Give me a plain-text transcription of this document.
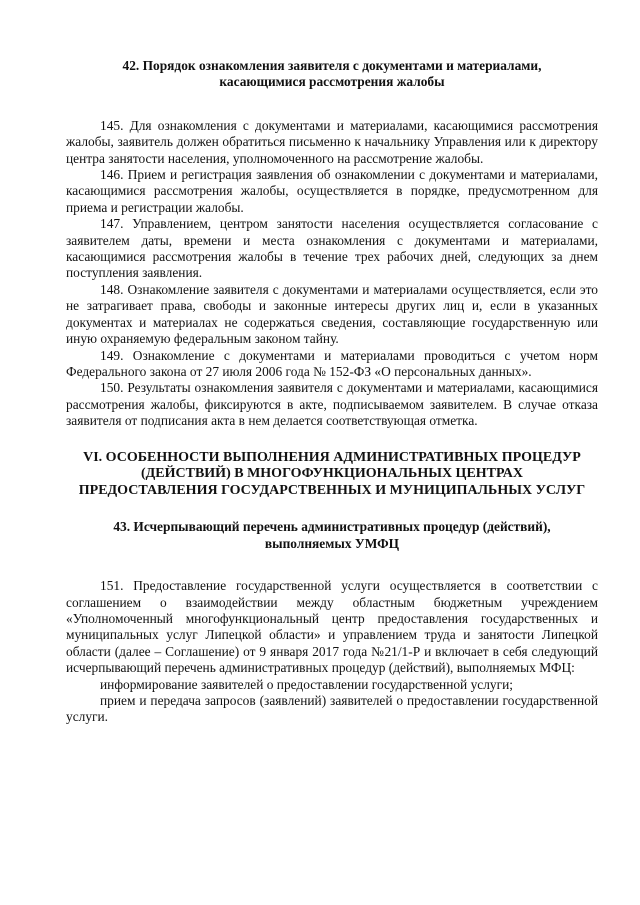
42. Порядок ознакомления заявителя с документами и материалами, касающимися рассмотрения жалобы

145. Для ознакомления с документами и материалами, касающимися рассмотрения жалобы, заявитель должен обратиться письменно к начальнику Управления или к директору центра занятости населения, уполномоченного на рассмотрение жалобы.

146. Прием и регистрация заявления об ознакомлении с документами и материалами, касающимися рассмотрения жалобы, осуществляется в порядке, предусмотренном для приема и регистрации жалобы.

147. Управлением, центром занятости населения осуществляется согласование с заявителем даты, времени и места ознакомления с документами и материалами, касающимися рассмотрения жалобы в течение трех рабочих дней, следующих за днем поступления заявления.

148. Ознакомление заявителя с документами и материалами осуществляется, если это не затрагивает права, свободы и законные интересы других лиц и, если в указанных документах и материалах не содержаться сведения, составляющие государственную или иную охраняемую федеральным законом тайну.

149. Ознакомление с документами и материалами проводиться с учетом норм Федерального закона от 27 июля 2006 года № 152-ФЗ «О персональных данных».

150. Результаты ознакомления заявителя с документами и материалами, касающимися рассмотрения жалобы, фиксируются в акте, подписываемом заявителем. В случае отказа заявителя от подписания акта в нем делается соответствующая отметка.

VI. ОСОБЕННОСТИ ВЫПОЛНЕНИЯ АДМИНИСТРАТИВНЫХ ПРОЦЕДУР (ДЕЙСТВИЙ) В МНОГОФУНКЦИОНАЛЬНЫХ ЦЕНТРАХ ПРЕДОСТАВЛЕНИЯ ГОСУДАРСТВЕННЫХ И МУНИЦИПАЛЬНЫХ УСЛУГ

43. Исчерпывающий перечень административных процедур (действий), выполняемых УМФЦ

151. Предоставление государственной услуги осуществляется в соответствии с соглашением о взаимодействии между областным бюджетным учреждением «Уполномоченный многофункциональный центр предоставления государственных и муниципальных услуг Липецкой области» и управлением труда и занятости Липецкой области (далее – Соглашение) от 9 января 2017 года №21/1-Р и включает в себя следующий исчерпывающий перечень административных процедур (действий), выполняемых МФЦ:

информирование заявителей о предоставлении государственной услуги;

прием и передача запросов (заявлений) заявителей о предоставлении государственной услуги.
